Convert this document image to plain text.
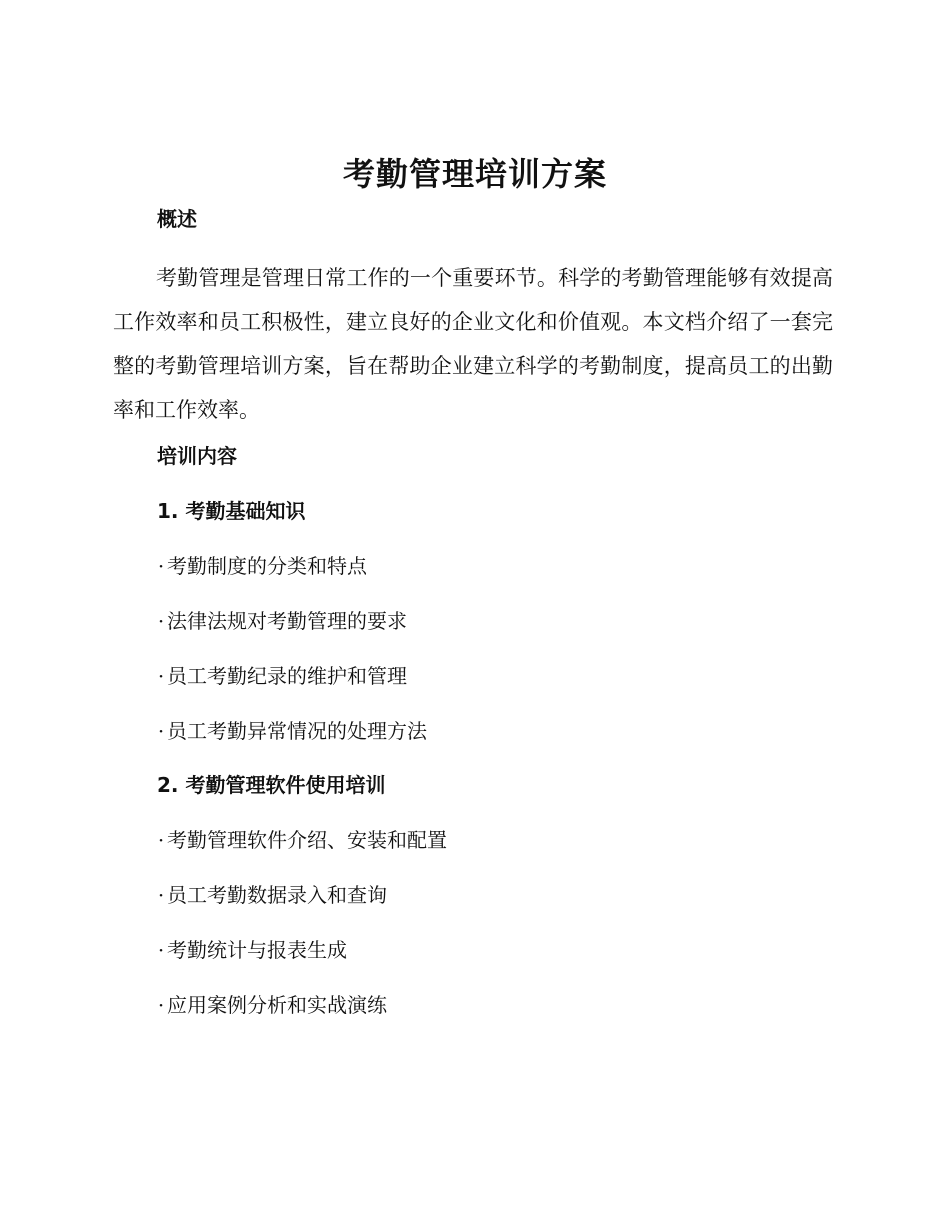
考勤管理培训方案
概述

考勤管理是管理日常工作的一个重要环节。科学的考勤管理能够有效提高工作效率和员工积极性，建立良好的企业文化和价值观。本文档介绍了一套完整的考勤管理培训方案，旨在帮助企业建立科学的考勤制度，提高员工的出勤率和工作效率。

培训内容
1. 考勤基础知识

· 考勤制度的分类和特点

· 法律法规对考勤管理的要求

· 员工考勤纪录的维护和管理

· 员工考勤异常情况的处理方法

2. 考勤管理软件使用培训

· 考勤管理软件介绍、安装和配置

· 员工考勤数据录入和查询

· 考勤统计与报表生成

· 应用案例分析和实战演练
